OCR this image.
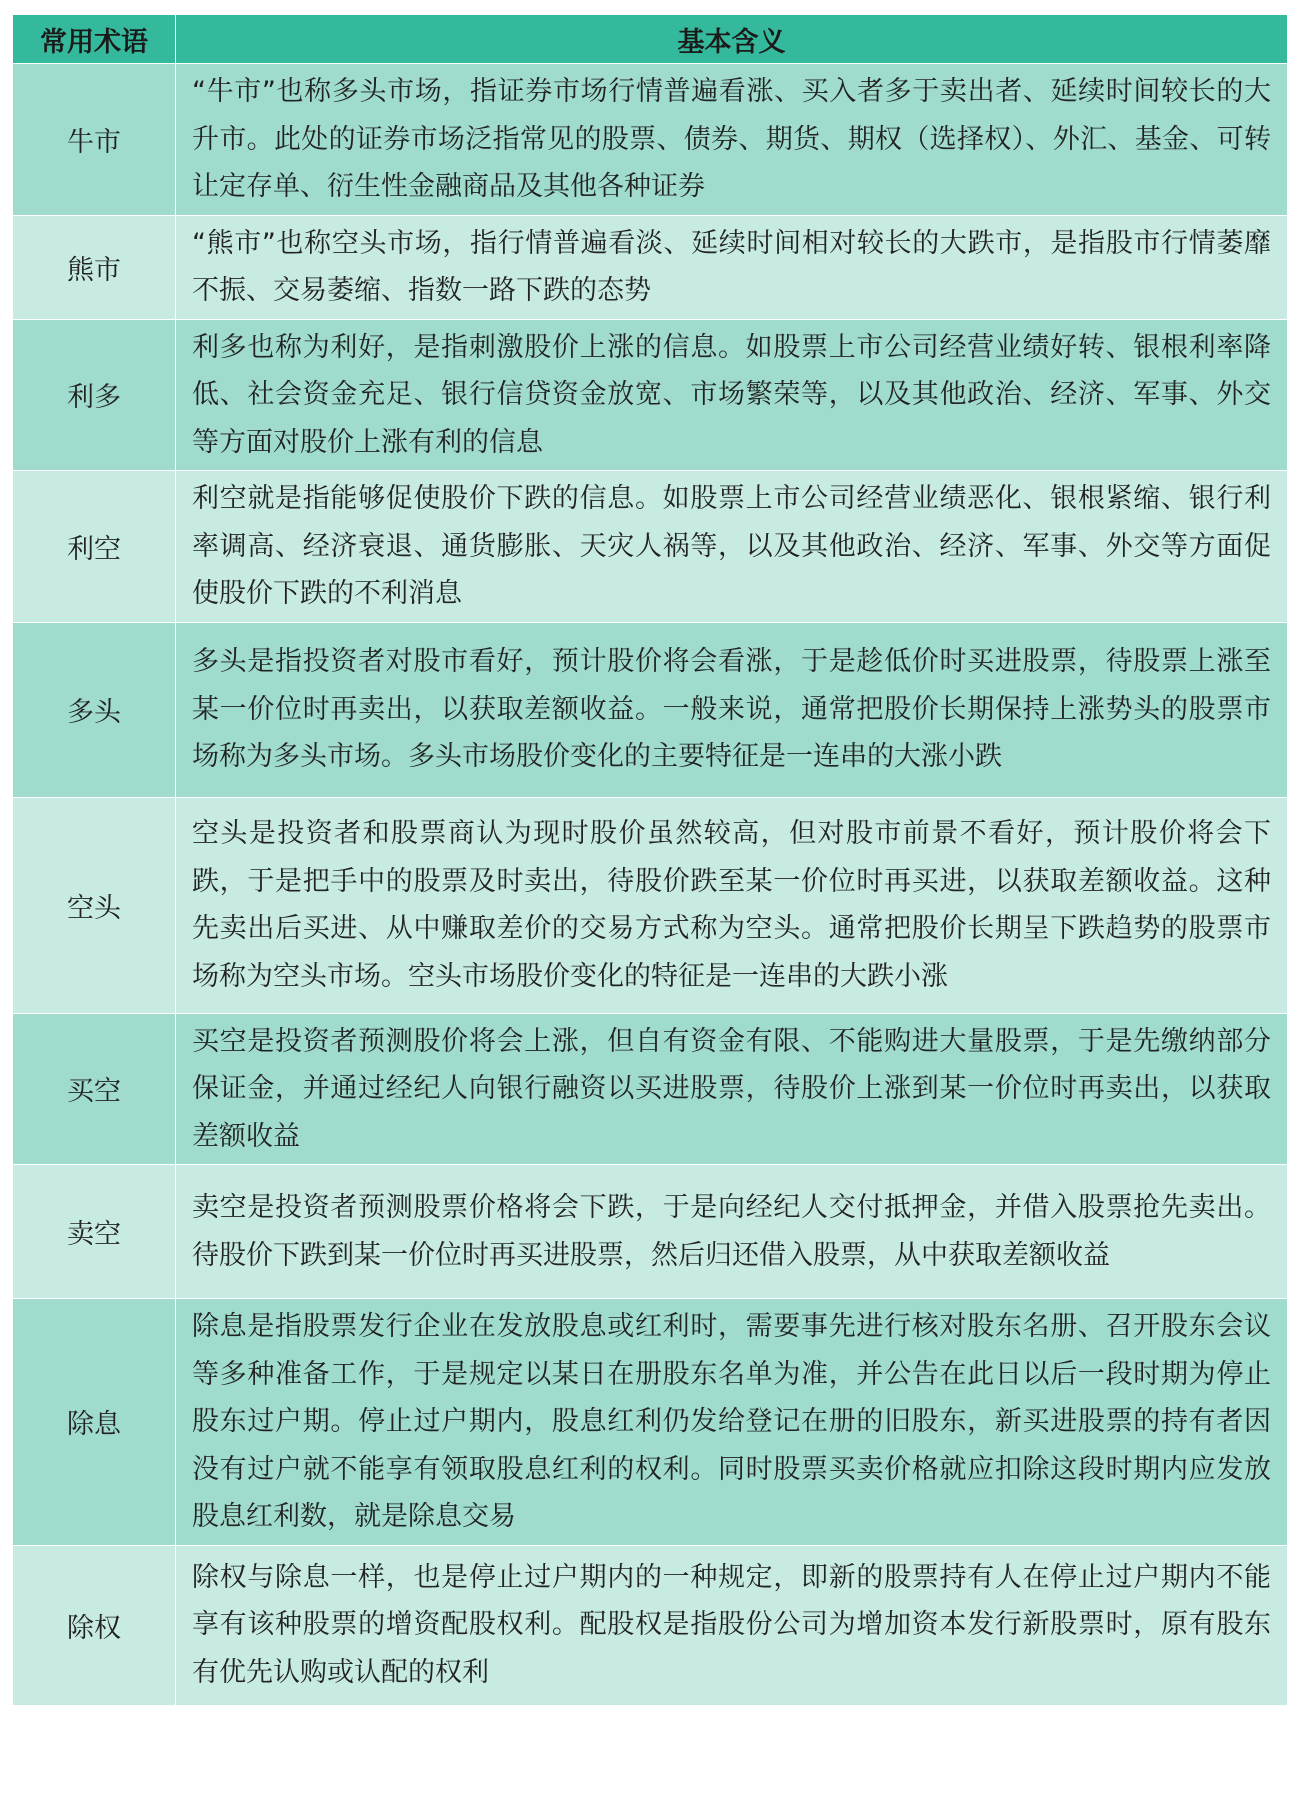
常用术语	基本含义
牛市	“牛市”也称多头市场，指证券市场行情普遍看涨、买入者多于卖出者、延续时间较长的大升市。此处的证券市场泛指常见的股票、债券、期货、期权（选择权）、外汇、基金、可转让定存单、衍生性金融商品及其他各种证券
熊市	“熊市”也称空头市场，指行情普遍看淡、延续时间相对较长的大跌市，是指股市行情萎靡不振、交易萎缩、指数一路下跌的态势
利多	利多也称为利好，是指刺激股价上涨的信息。如股票上市公司经营业绩好转、银根利率降低、社会资金充足、银行信贷资金放宽、市场繁荣等，以及其他政治、经济、军事、外交等方面对股价上涨有利的信息
利空	利空就是指能够促使股价下跌的信息。如股票上市公司经营业绩恶化、银根紧缩、银行利率调高、经济衰退、通货膨胀、天灾人祸等，以及其他政治、经济、军事、外交等方面促使股价下跌的不利消息
多头	多头是指投资者对股市看好，预计股价将会看涨，于是趁低价时买进股票，待股票上涨至某一价位时再卖出，以获取差额收益。一般来说，通常把股价长期保持上涨势头的股票市场称为多头市场。多头市场股价变化的主要特征是一连串的大涨小跌
空头	空头是投资者和股票商认为现时股价虽然较高，但对股市前景不看好，预计股价将会下跌，于是把手中的股票及时卖出，待股价跌至某一价位时再买进，以获取差额收益。这种先卖出后买进、从中赚取差价的交易方式称为空头。通常把股价长期呈下跌趋势的股票市场称为空头市场。空头市场股价变化的特征是一连串的大跌小涨
买空	买空是投资者预测股价将会上涨，但自有资金有限、不能购进大量股票，于是先缴纳部分保证金，并通过经纪人向银行融资以买进股票，待股价上涨到某一价位时再卖出，以获取差额收益
卖空	卖空是投资者预测股票价格将会下跌，于是向经纪人交付抵押金，并借入股票抢先卖出。待股价下跌到某一价位时再买进股票，然后归还借入股票，从中获取差额收益
除息	除息是指股票发行企业在发放股息或红利时，需要事先进行核对股东名册、召开股东会议等多种准备工作，于是规定以某日在册股东名单为准，并公告在此日以后一段时期为停止股东过户期。停止过户期内，股息红利仍发给登记在册的旧股东，新买进股票的持有者因没有过户就不能享有领取股息红利的权利。同时股票买卖价格就应扣除这段时期内应发放股息红利数，就是除息交易
除权	除权与除息一样，也是停止过户期内的一种规定，即新的股票持有人在停止过户期内不能享有该种股票的增资配股权利。配股权是指股份公司为增加资本发行新股票时，原有股东有优先认购或认配的权利
